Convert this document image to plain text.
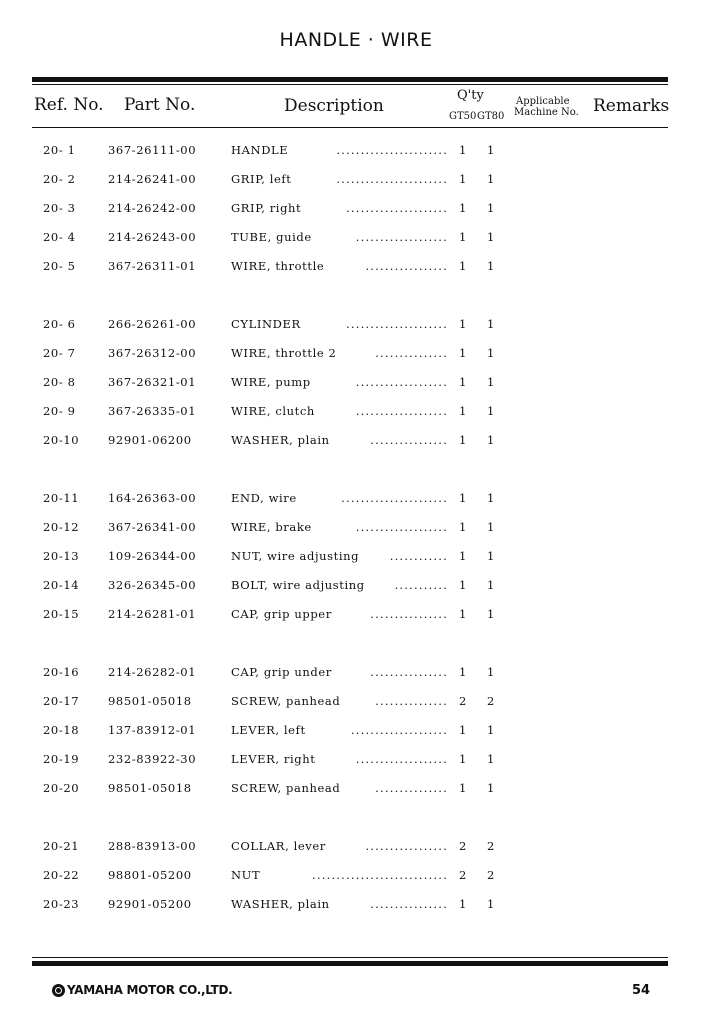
HANDLE · WIRE
Ref. No. Part No.	Description
Q'ty
GT50 GT80
Applicable
Machine No. Remarks
20- 1	367-26111-00	HANDLE	1 1
.......................
20- 2	214-26241-00	GRIP, left	1 1
.......................
20- 3	214-26242-00	GRIP, right	1 1
.....................
20- 4	214-26243-00	TUBE, guide	1 1
...................
20- 5	367-26311-01	WIRE, throttle	1 1
.................
20- 6	266-26261-00	CYLINDER	1 1
.....................
20- 7	367-26312-00	WIRE, throttle 2	1 1
...............
20- 8	367-26321-01	WIRE, pump	1 1
...................
20- 9	367-26335-01	WIRE, clutch	1 1
...................
20-10	92901-06200	WASHER, plain	1 1
................
20-11	164-26363-00	END, wire	1 1
......................
20-12	367-26341-00	WIRE, brake	1 1
...................
20-13	109-26344-00	NUT, wire adjusting	1 1
............
20-14	326-26345-00	BOLT, wire adjusting	1 1
...........
20-15	214-26281-01	CAP, grip upper	1 1
................
20-16	214-26282-01	CAP, grip under	1 1
................
20-17	98501-05018	SCREW, panhead	2 2
...............
20-18	137-83912-01	LEVER, left	1 1
....................
20-19	232-83922-30	LEVER, right	1 1
...................
20-20	98501-05018	SCREW, panhead	1 1
...............
20-21	288-83913-00	COLLAR, lever	2 2
.................
20-22	98801-05200	NUT	2 2
............................
20-23	92901-05200	WASHER, plain	1 1
................
YAMAHA MOTOR CO.,LTD.	54
